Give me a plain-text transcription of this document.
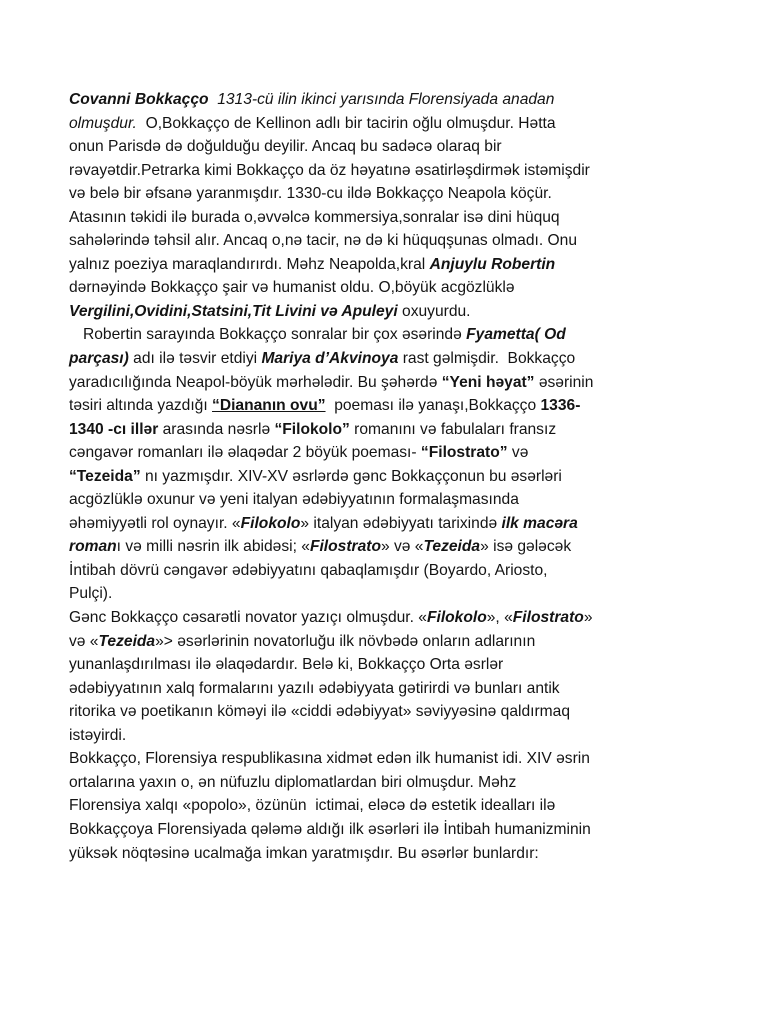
Covanni Bokkaçço 1313-cü ilin ikinci yarısında Florensiyada anadan
olmuşdur. O,Bokkaçço de Kellinon adlı bir tacirin oğlu olmuşdur. Hətta
onun Parisdə də doğulduğu deyilir. Ancaq bu sadəcə olaraq bir
rəvayətdir.Petrarka kimi Bokkaçço da öz həyatınə əsatirləşdirmək istəmişdir
və belə bir əfsanə yaranmışdır. 1330-cu ildə Bokkaçço Neapola köçür.
Atasının təkidi ilə burada o,əvvəlcə kommersiya,sonralar isə dini hüquq
sahələrində təhsil alır. Ancaq o,nə tacir, nə də ki hüquqşunas olmadı. Onu
yalnız poeziya maraqlandırırdı. Məhz Neapolda,kral Anjuylu Robertin
dərnəyində Bokkaçço şair və humanist oldu. O,böyük acgözlüklə
Vergilini,Ovidini,Statsini,Tit Livini və Apuleyi oxuyurdu.
Robertin sarayında Bokkaçço sonralar bir çox əsərində Fyametta( Od
parçası) adı ilə təsvir etdiyi Mariya d’Akvinoya rast gəlmişdir.  Bokkaçço
yaradıcılığında Neapol-böyük mərhələdir. Bu şəhərdə “Yeni həyat” əsərinin
təsiri altında yazdığı “Diananın ovu”  poeması ilə yanaşı,Bokkaçço 1336-
1340 -cı illər arasında nəsrlə “Filokolo” romanını və fabulaları fransız
cəngavər romanları ilə əlaqədar 2 böyük poeması- “Filostrato” və
“Tezeida” nı yazmışdır. XIV-XV əsrlərdə gənc Bokkaççonun bu əsərləri
acgözlüklə oxunur və yeni italyan ədəbiyyatının formalaşmasında
əhəmiyyətli rol oynayır. «Filokolo» italyan ədəbiyyatı tarixində ilk macəra
romanı və milli nəsrin ilk abidəsi; «Filostrato» və «Tezeida» isə gələcək
İntibah dövrü cəngavər ədəbiyyatını qabaqlamışdır (Boyardo, Ariosto,
Pulçi).
Gənc Bokkaçço cəsarətli novator yazıçı olmuşdur. «Filokolo», «Filostrato»
və «Tezeida»> əsərlərinin novatorluğu ilk növbədə onların adlarının
yunanlaşdırılması ilə əlaqədardır. Belə ki, Bokkaçço Orta əsrlər
ədəbiyyatının xalq formalarını yazılı ədəbiyyata gətirirdi və bunları antik
ritorika və poetikanın köməyi ilə «ciddi ədəbiyyat» səviyyəsinə qaldırmaq
istəyirdi.
Bokkaçço, Florensiya respublikasına xidmət edən ilk humanist idi. XIV əsrin
ortalarına yaxın o, ən nüfuzlu diplomatlardan biri olmuşdur. Məhz
Florensiya xalqı «popolo», özünün  ictimai, eləcə də estetik idealları ilə
Bokkaççoya Florensiyada qələmə aldığı ilk əsərləri ilə İntibah humanizminin
yüksək nöqtəsinə ucalmağa imkan yaratmışdır. Bu əsərlər bunlardır:
